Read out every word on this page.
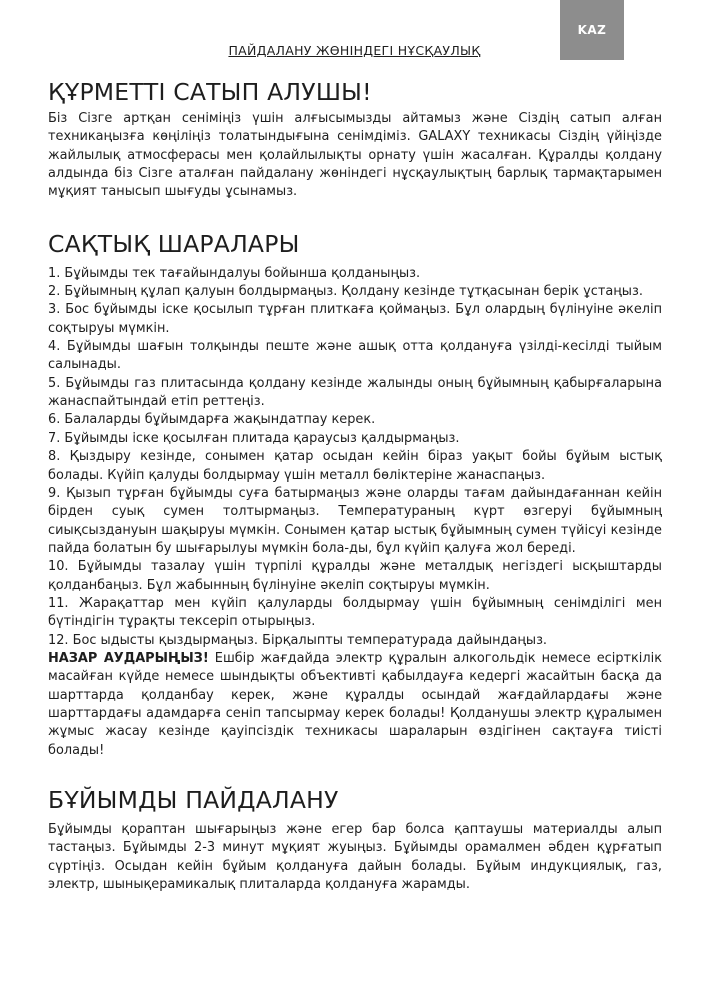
KAZ
ПАЙДАЛАНУ ЖӨНІНДЕГІ НҰСҚАУЛЫҚ
ҚҰРМЕТТІ САТЫП АЛУШЫ!

Біз Сізге артқан сеніміңіз үшін алғысымызды айтамыз және Сіздің сатып алған техникаңызға көңіліңіз толатындығына сенімдіміз. GALAXY техникасы Сіздің үйіңізде жайлылық атмосферасы мен қолайлылықты орнату үшін жасалған. Құралды қолдану алдында біз Сізге аталған пайдалану жөніндегі нұсқаулықтың барлық тармақтарымен мұқият танысып шығуды ұсынамыз.

САҚТЫҚ ШАРАЛАРЫ

1. Бұйымды тек тағайындалуы бойынша қолданыңыз.

2. Бұйымның құлап қалуын болдырмаңыз. Қолдану кезінде тұтқасынан берік ұстаңыз.

3. Бос бұйымды іске қосылып тұрған плиткаға қоймаңыз. Бұл олардың бүлінуіне әкеліп соқтыруы мүмкін.

4. Бұйымды шағын толқынды пеште және ашық отта қолдануға үзілді-кесілді тыйым салынады.

5. Бұйымды газ плитасында қолдану кезінде жалынды оның бұйымның қабырғаларына жанаспайтындай етіп реттеңіз.

6. Балаларды бұйымдарға жақындатпау керек.

7. Бұйымды іске қосылған плитада қараусыз қалдырмаңыз.

8. Қыздыру кезінде, сонымен қатар осыдан кейін біраз уақыт бойы бұйым ыстық болады. Күйіп қалуды болдырмау үшін металл бөліктеріне жанаспаңыз.

9. Қызып тұрған бұйымды суға батырмаңыз және оларды тағам дайындағаннан кейін бірден суық сумен толтырмаңыз. Температураның күрт өзгеруі бұйымның сиықсыздануын шақыруы мүмкін. Сонымен қатар ыстық бұйымның сумен түйісуі кезінде пайда болатын бу шығарылуы мүмкін бола-ды, бұл күйіп қалуға жол береді.

10. Бұйымды тазалау үшін түрпілі құралды және металдық негіздегі ысқыштарды қолданбаңыз. Бұл жабынның бүлінуіне әкеліп соқтыруы мүмкін.

11. Жарақаттар мен күйіп қалуларды болдырмау үшін бұйымның сенімділігі мен бүтіндігін тұрақты тексеріп отырыңыз.

12. Бос ыдысты қыздырмаңыз. Бірқалыпты температурада дайындаңыз.

НАЗАР АУДАРЫҢЫЗ! Ешбір жағдайда электр құралын алкогольдік немесе есірткілік масайған күйде немесе шындықты объективті қабылдауға кедергі жасайтын басқа да шарттарда қолданбау керек, және құралды осындай жағдайлардағы және шарттардағы адамдарға сеніп тапсырмау керек болады! Қолданушы электр құралымен жұмыс жасау кезінде қауіпсіздік техникасы шараларын өздігінен сақтауға тиісті болады!

БҰЙЫМДЫ ПАЙДАЛАНУ

Бұйымды қораптан шығарыңыз және егер бар болса қаптаушы материалды алып тастаңыз. Бұйымды 2-3 минут мұқият жуыңыз. Бұйымды орамалмен әбден құрғатып сүртіңіз. Осыдан кейін бұйым қолдануға дайын болады. Бұйым индукциялық, газ, электр, шынықерамикалық плиталарда қолдануға жарамды.
